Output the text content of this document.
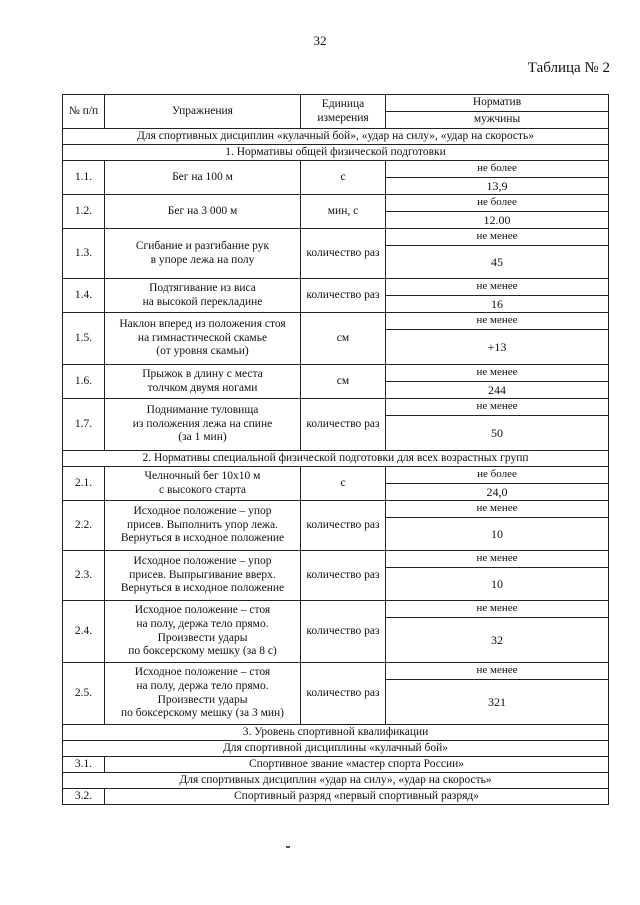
32
Таблица № 2
№ п/п	Упражнения	Единица измерения	Норматив
			мужчины
Для спортивных дисциплин «кулачный бой», «удар на силу», «удар на скорость»			
1. Нормативы общей физической подготовки			
1.1.	Бег на 100 м	с	не более
			13,9
1.2.	Бег на 3 000 м	мин, с	не более
			12.00
1.3.	Сгибание и разгибание рук
в упоре лежа на полу	количество раз	не менее
			45
1.4.	Подтягивание из виса
на высокой перекладине	количество раз	не менее
			16
1.5.	Наклон вперед из положения стоя
на гимнастической скамье
(от уровня скамьи)	см	не менее
			+13
1.6.	Прыжок в длину с места
толчком двумя ногами	см	не менее
			244
1.7.	Поднимание туловища
из положения лежа на спине
(за 1 мин)	количество раз	не менее
			50
2. Нормативы специальной физической подготовки для всех возрастных групп			
2.1.	Челночный бег 10х10 м
с высокого старта	с	не более
			24,0
2.2.	Исходное положение – упор
присев. Выполнить упор лежа.
Вернуться в исходное положение	количество раз	не менее
			10
2.3.	Исходное положение – упор
присев. Выпрыгивание вверх.
Вернуться в исходное положение	количество раз	не менее
			10
2.4.	Исходное положение – стоя
на полу, держа тело прямо.
Произвести удары
по боксерскому мешку (за 8 с)	количество раз	не менее
			32
2.5.	Исходное положение – стоя
на полу, держа тело прямо.
Произвести удары
по боксерскому мешку (за 3 мин)	количество раз	не менее
			321
3. Уровень спортивной квалификации			
Для спортивной дисциплины «кулачный бой»			
3.1.	Спортивное звание «мастер спорта России»		
Для спортивных дисциплин «удар на силу», «удар на скорость»			
3.2.	Спортивный разряд «первый спортивный разряд»		
